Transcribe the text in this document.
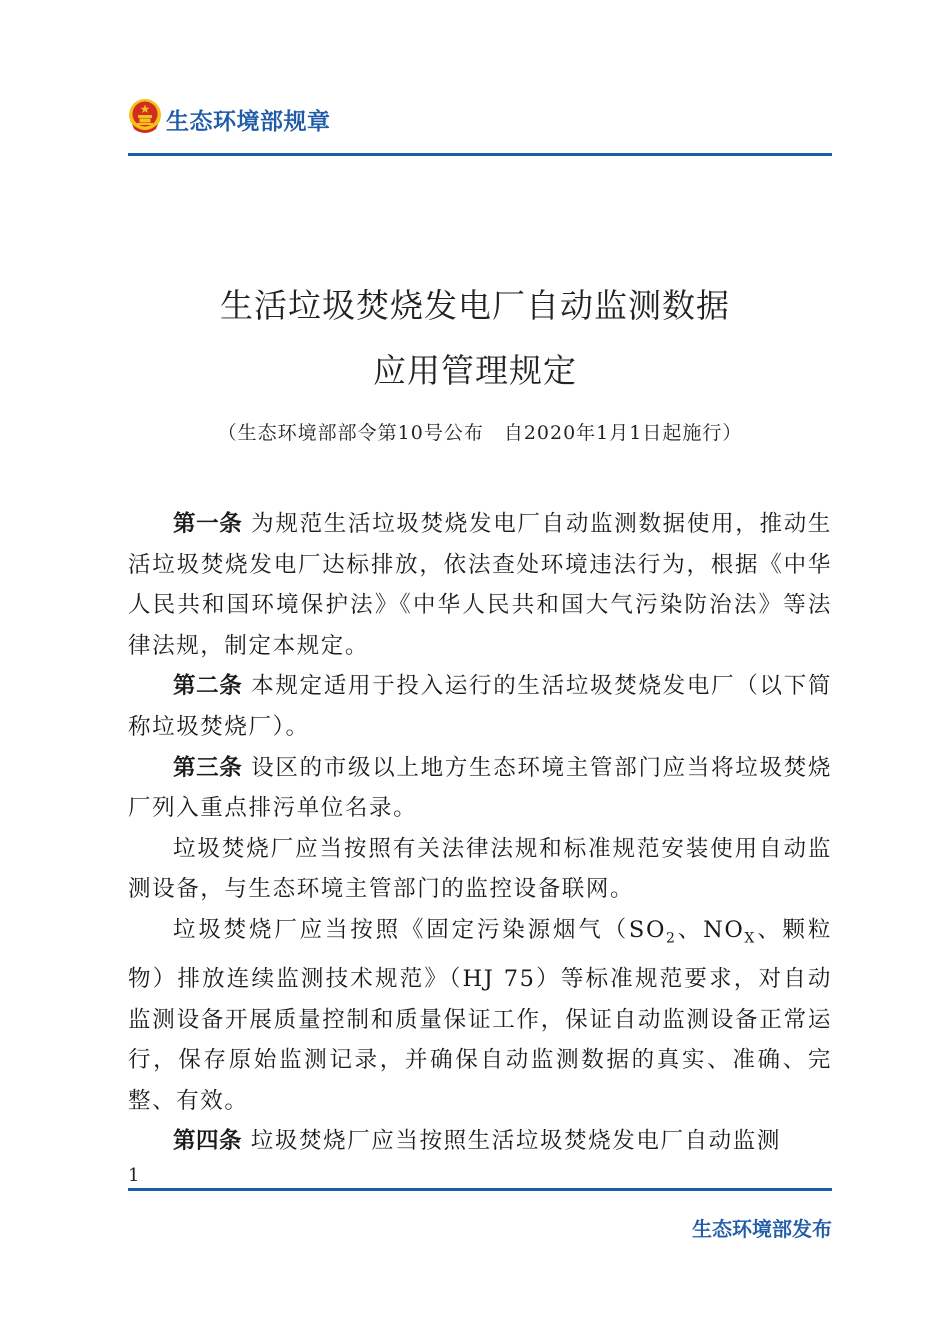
生态环境部规章
生活垃圾焚烧发电厂自动监测数据
应用管理规定
（生态环境部部令第10号公布　自2020年1月1日起施行）

第一条 为规范生活垃圾焚烧发电厂自动监测数据使用，推动生活垃圾焚烧发电厂达标排放，依法查处环境违法行为，根据《中华人民共和国环境保护法》《中华人民共和国大气污染防治法》等法律法规，制定本规定。

第二条 本规定适用于投入运行的生活垃圾焚烧发电厂（以下简称垃圾焚烧厂）。

第三条 设区的市级以上地方生态环境主管部门应当将垃圾焚烧厂列入重点排污单位名录。

垃圾焚烧厂应当按照有关法律法规和标准规范安装使用自动监测设备，与生态环境主管部门的监控设备联网。

垃圾焚烧厂应当按照《固定污染源烟气（$SO_2$、$NO_X$、颗粒物）排放连续监测技术规范》（HJ 75）等标准规范要求，对自动监测设备开展质量控制和质量保证工作，保证自动监测设备正常运行，保存原始监测记录，并确保自动监测数据的真实、准确、完整、有效。

第四条 垃圾焚烧厂应当按照生活垃圾焚烧发电厂自动监测

1
生态环境部发布
